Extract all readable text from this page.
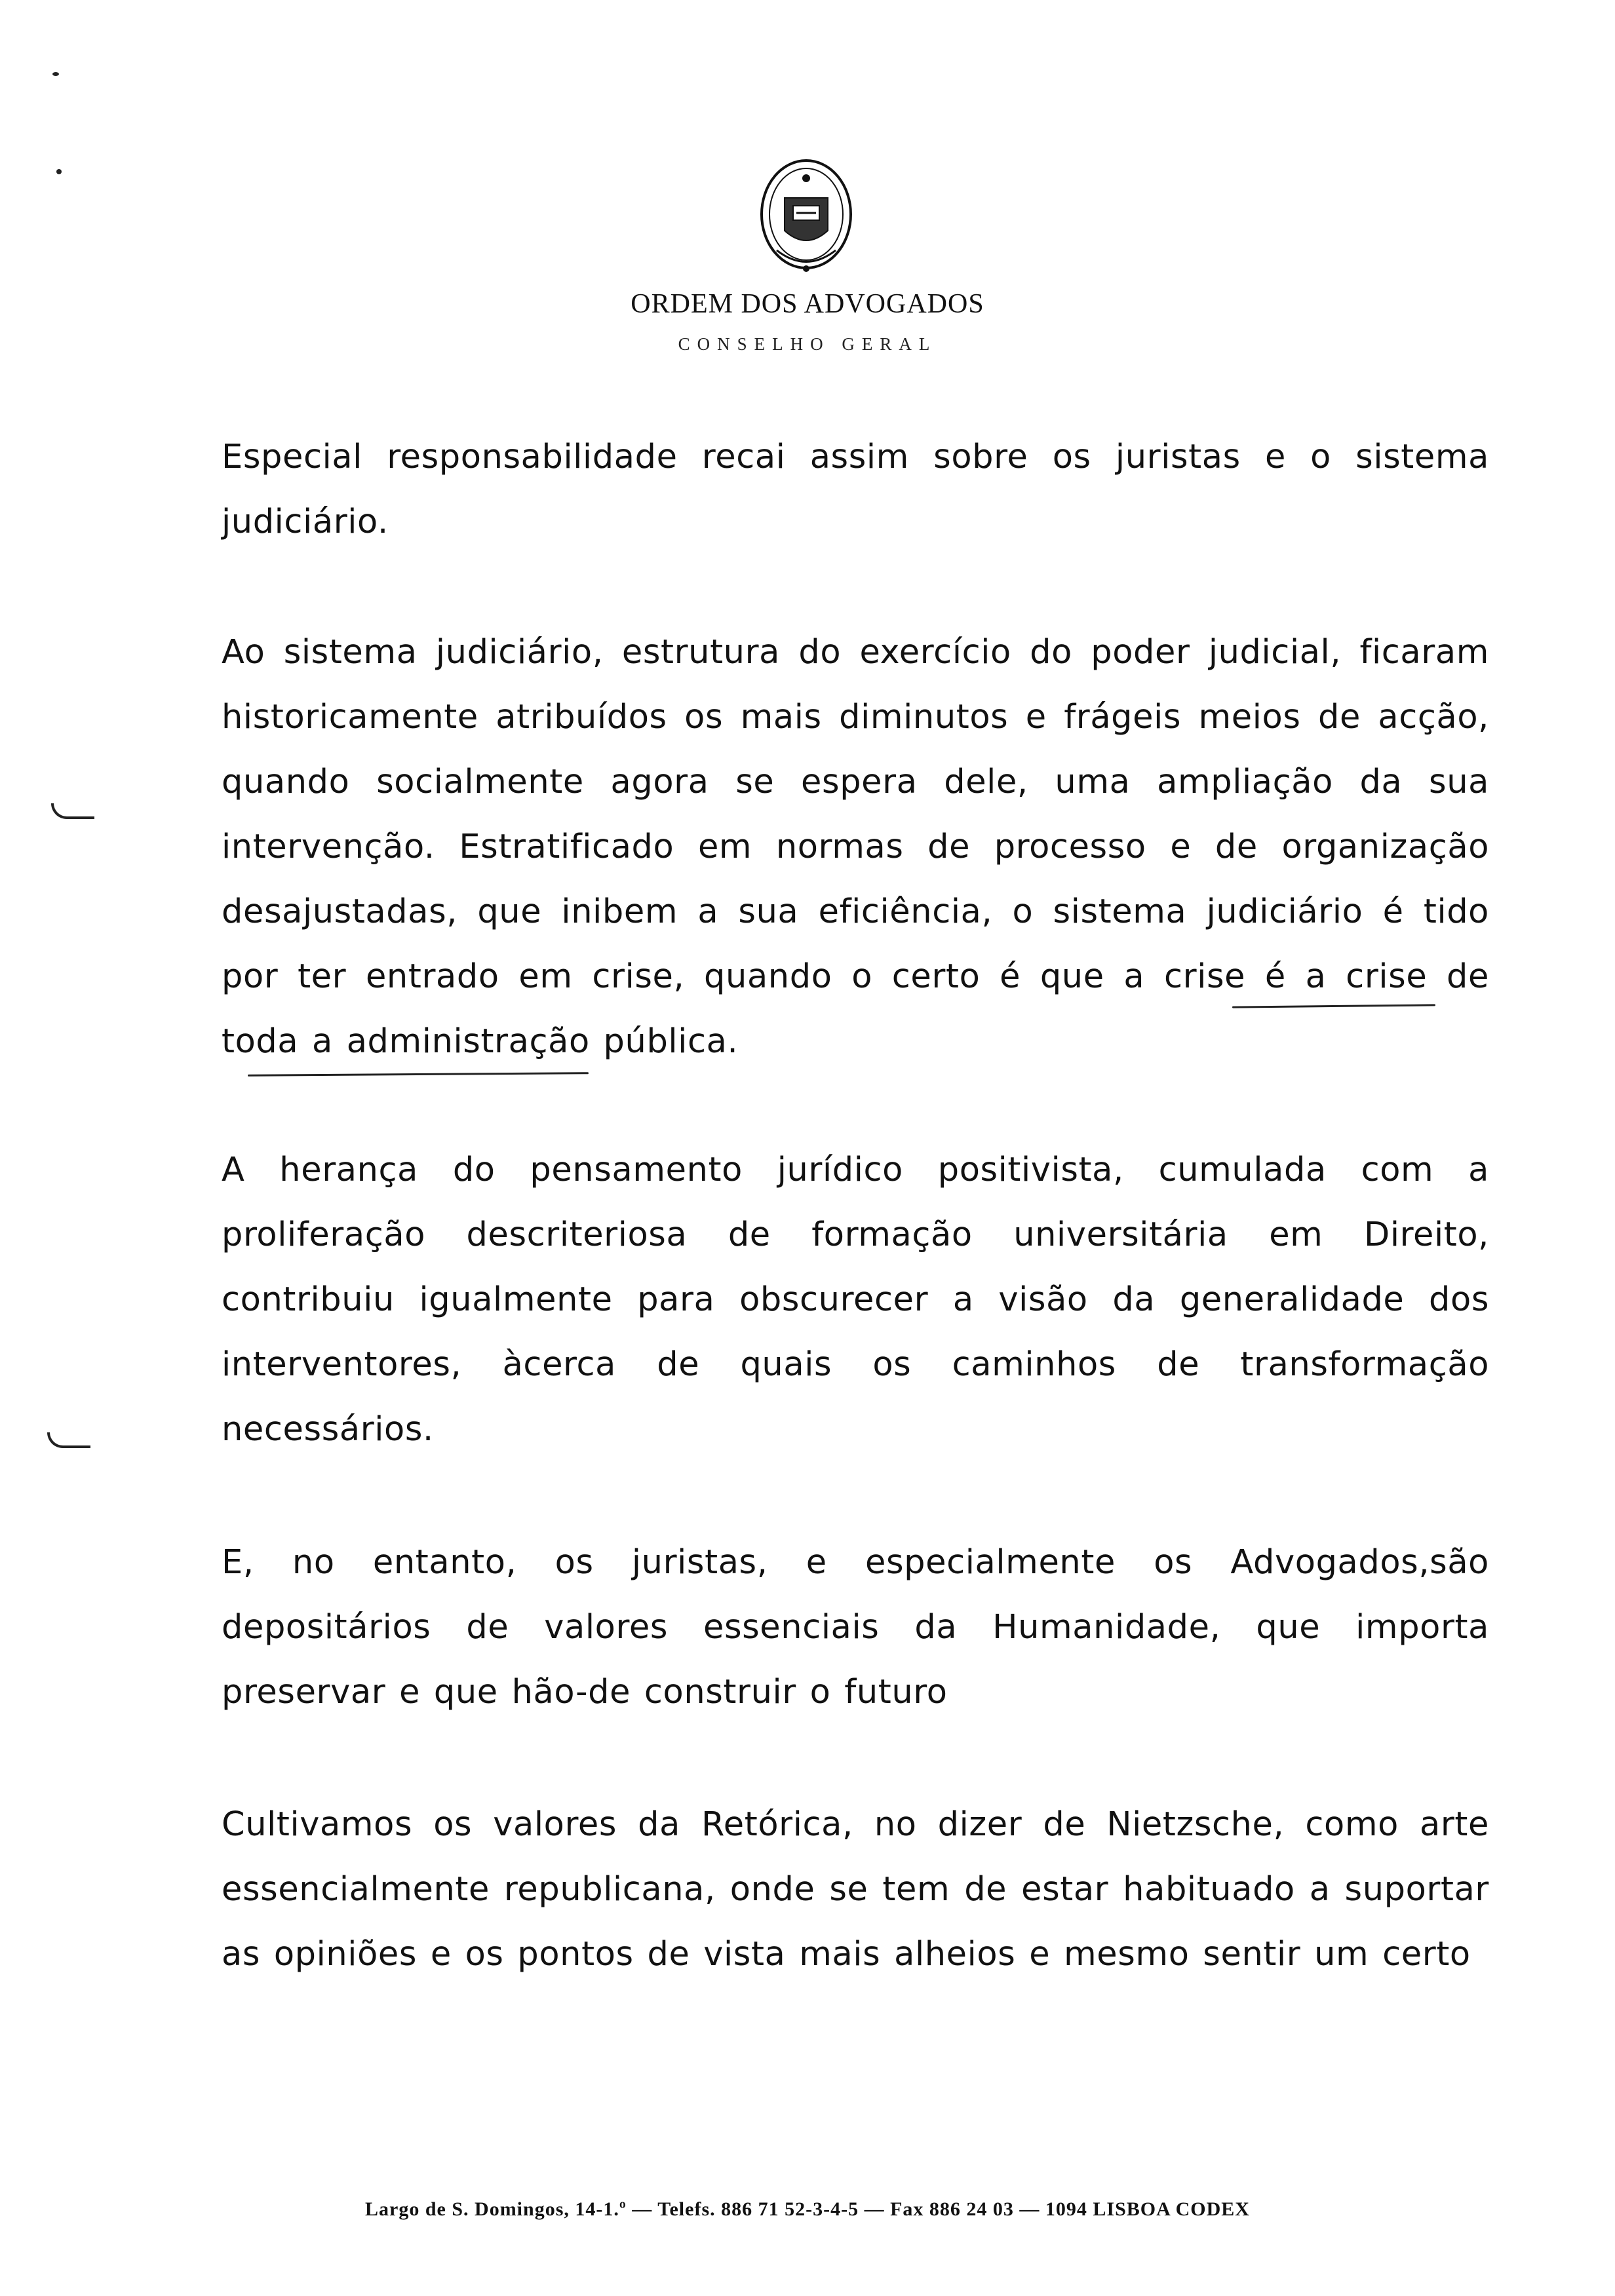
ORDEM DOS ADVOGADOS
CONSELHO GERAL

Especial responsabilidade recai assim sobre os juristas e o sistema judiciário.

Ao sistema judiciário, estrutura do exercício do poder judicial, ficaram historicamente atribuídos os mais diminutos e frágeis meios de acção, quando socialmente agora se espera dele, uma ampliação da sua intervenção. Estratificado em normas de processo e de organização desajustadas, que inibem a sua eficiência, o sistema judiciário é tido por ter entrado em crise, quando o certo é que a crise é a crise de toda a administração pública.

A herança do pensamento jurídico positivista, cumulada com a proliferação descriteriosa de formação universitária em Direito, contribuiu igualmente para obscurecer a visão da generalidade dos interventores, àcerca de quais os caminhos de transformação necessários.

E, no entanto, os juristas, e especialmente os Advogados,são depositários de valores essenciais da Humanidade, que importa preservar e que hão-de construir o futuro

Cultivamos os valores da Retórica, no dizer de Nietzsche, como arte essencialmente republicana, onde se tem de estar habituado a suportar as opiniões e os pontos de vista mais alheios e mesmo sentir um certo

Largo de S. Domingos, 14-1.º — Telefs. 886 71 52-3-4-5 — Fax 886 24 03 — 1094 LISBOA CODEX
